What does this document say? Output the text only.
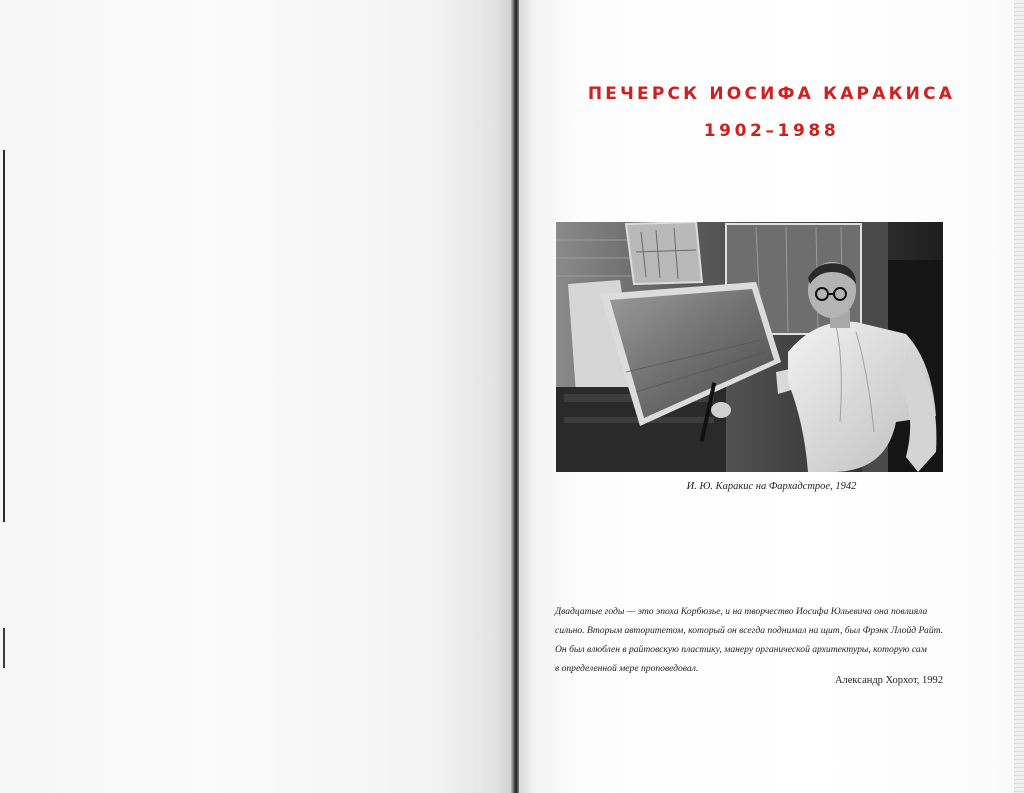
ПЕЧЕРСК ИОСИФА КАРАКИСА
1902–1988
И. Ю. Каракис на Фархадстрое, 1942

Двадцатые годы — это эпоха Корбюзье, и на творчество Иосифа Юльевича она повлияла
сильно. Вторым авторитетом, который он всегда поднимал на щит, был Фрэнк Ллойд Райт.
Он был влюблен в райтовскую пластику, манеру органической архитектуры, которую сам
в определенной мере проповедовал.

Александр Хорхот, 1992
